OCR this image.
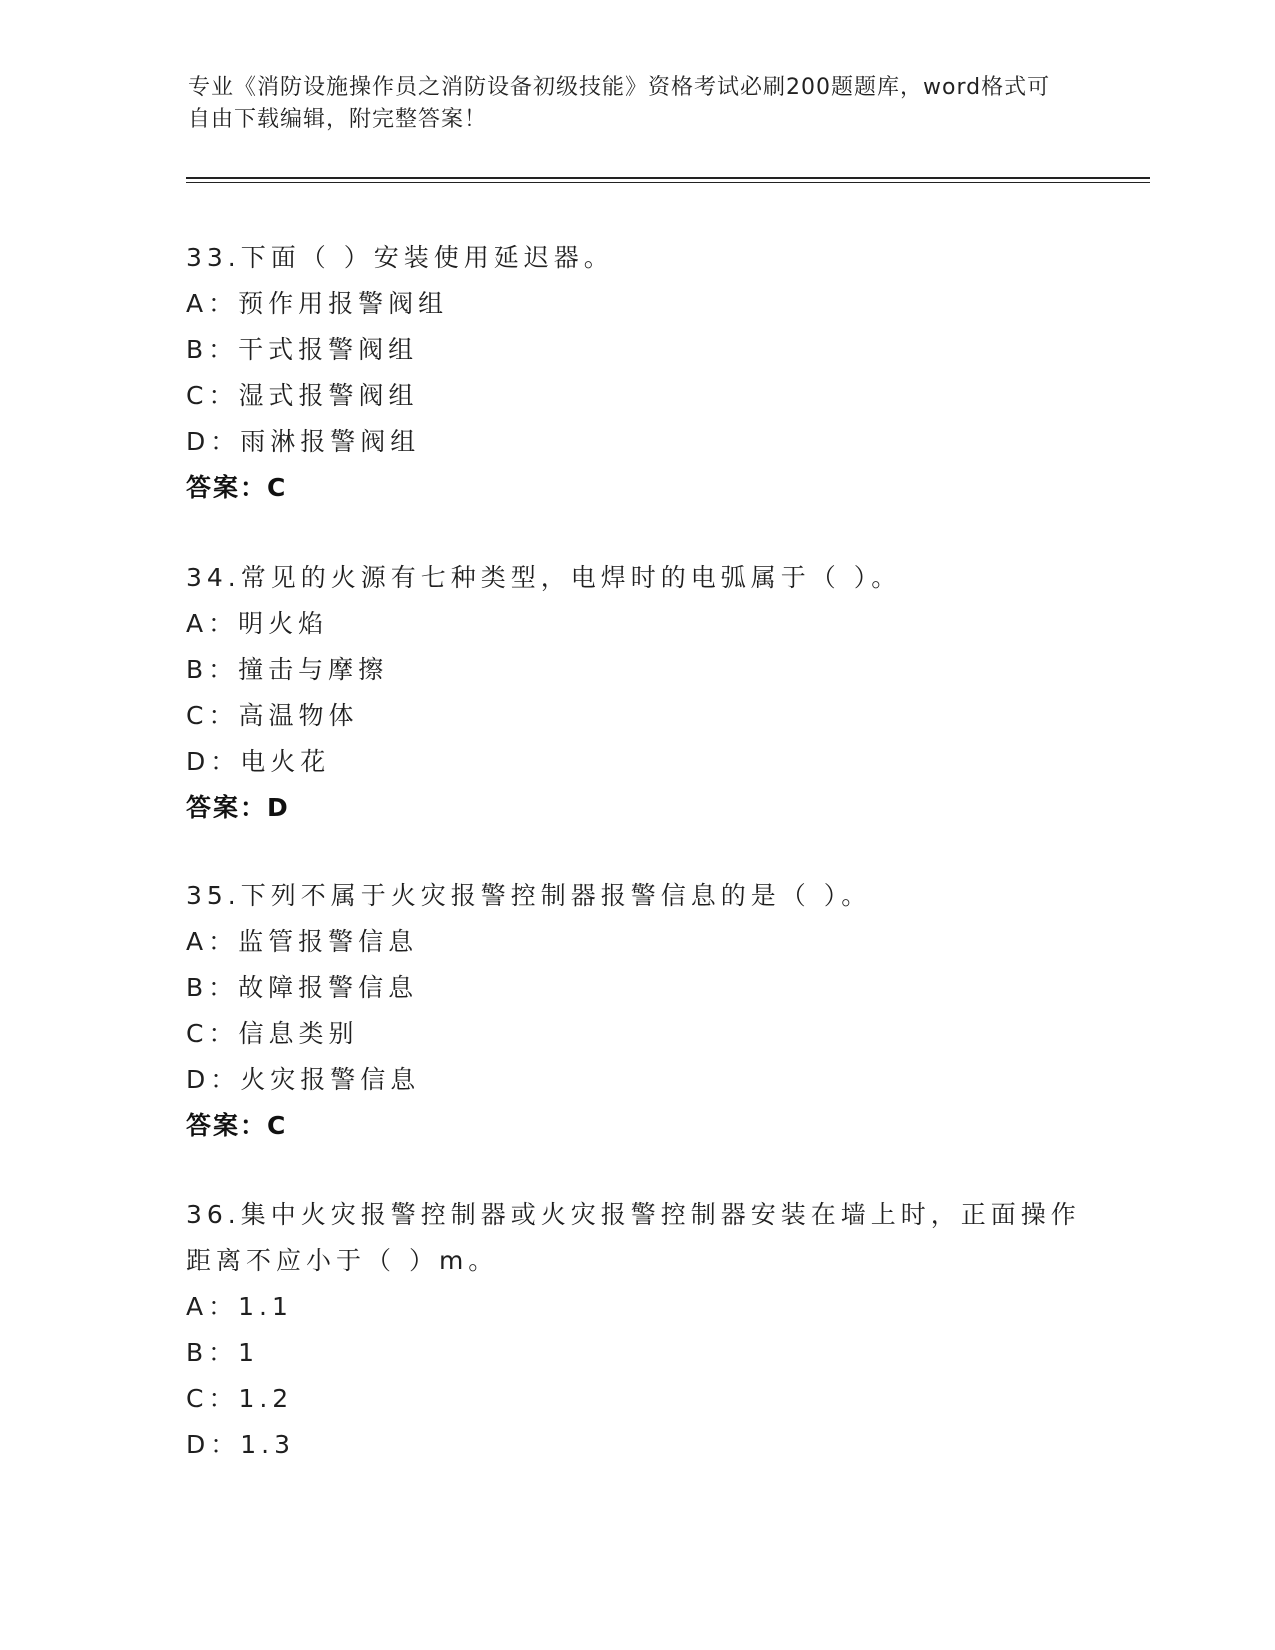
专业《消防设施操作员之消防设备初级技能》资格考试必刷200题题库，word格式可自由下载编辑，附完整答案！
33.下面（ ）安装使用延迟器。
A：预作用报警阀组
B：干式报警阀组
C：湿式报警阀组
D：雨淋报警阀组
答案：C
34.常见的火源有七种类型，电焊时的电弧属于（ ）。
A：明火焰
B：撞击与摩擦
C：高温物体
D：电火花
答案：D
35.下列不属于火灾报警控制器报警信息的是（ ）。
A：监管报警信息
B：故障报警信息
C：信息类别
D：火灾报警信息
答案：C
36.集中火灾报警控制器或火灾报警控制器安装在墙上时，正面操作距离不应小于（ ）m。
A：1.1
B：1
C：1.2
D：1.3
